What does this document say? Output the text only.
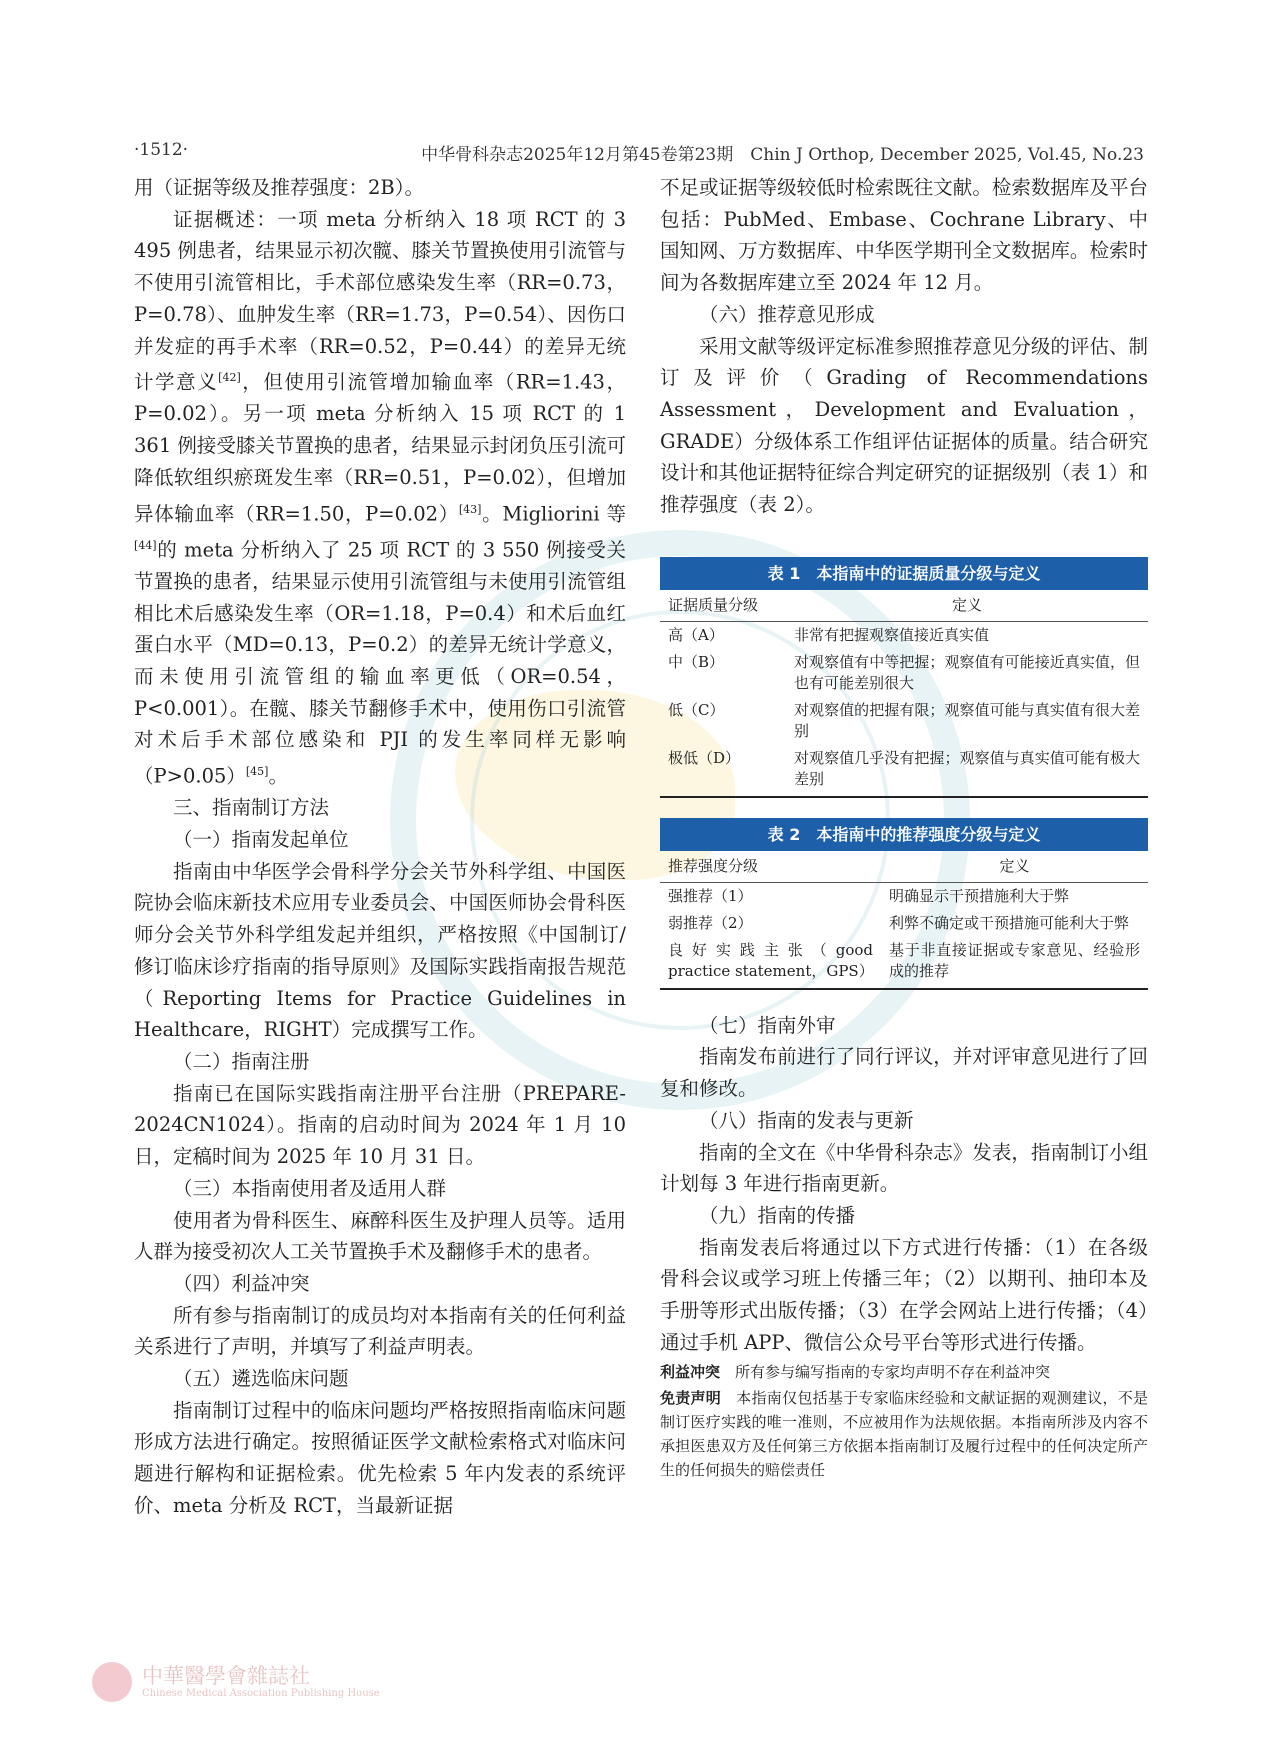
·1512·	中华骨科杂志2025年12月第45卷第23期　Chin J Orthop, December 2025, Vol.45, No.23

用（证据等级及推荐强度：2B）。

证据概述：一项 meta 分析纳入 18 项 RCT 的 3 495 例患者，结果显示初次髋、膝关节置换使用引流管与不使用引流管相比，手术部位感染发生率（RR=0.73，P=0.78）、血肿发生率（RR=1.73，P=0.54）、因伤口并发症的再手术率（RR=0.52，P=0.44）的差异无统计学意义[42]，但使用引流管增加输血率（RR=1.43，P=0.02）。另一项 meta 分析纳入 15 项 RCT 的 1 361 例接受膝关节置换的患者，结果显示封闭负压引流可降低软组织瘀斑发生率（RR=0.51，P=0.02），但增加异体输血率（RR=1.50，P=0.02）[43]。Migliorini 等[44]的 meta 分析纳入了 25 项 RCT 的 3 550 例接受关节置换的患者，结果显示使用引流管组与未使用引流管组相比术后感染发生率（OR=1.18，P=0.4）和术后血红蛋白水平（MD=0.13，P=0.2）的差异无统计学意义，而未使用引流管组的输血率更低（OR=0.54，P<0.001）。在髋、膝关节翻修手术中，使用伤口引流管对术后手术部位感染和 PJI 的发生率同样无影响（P>0.05）[45]。

三、指南制订方法

（一）指南发起单位

指南由中华医学会骨科学分会关节外科学组、中国医院协会临床新技术应用专业委员会、中国医师协会骨科医师分会关节外科学组发起并组织，严格按照《中国制订/修订临床诊疗指南的指导原则》及国际实践指南报告规范（Reporting Items for Practice Guidelines in Healthcare，RIGHT）完成撰写工作。

（二）指南注册

指南已在国际实践指南注册平台注册（PREPARE-2024CN1024）。指南的启动时间为 2024 年 1 月 10 日，定稿时间为 2025 年 10 月 31 日。

（三）本指南使用者及适用人群

使用者为骨科医生、麻醉科医生及护理人员等。适用人群为接受初次人工关节置换手术及翻修手术的患者。

（四）利益冲突

所有参与指南制订的成员均对本指南有关的任何利益关系进行了声明，并填写了利益声明表。

（五）遴选临床问题

指南制订过程中的临床问题均严格按照指南临床问题形成方法进行确定。按照循证医学文献检索格式对临床问题进行解构和证据检索。优先检索 5 年内发表的系统评价、meta 分析及 RCT，当最新证据

不足或证据等级较低时检索既往文献。检索数据库及平台包括：PubMed、Embase、Cochrane Library、中国知网、万方数据库、中华医学期刊全文数据库。检索时间为各数据库建立至 2024 年 12 月。

（六）推荐意见形成

采用文献等级评定标准参照推荐意见分级的评估、制订及评价（Grading of Recommendations Assessment，Development and Evaluation，GRADE）分级体系工作组评估证据体的质量。结合研究设计和其他证据特征综合判定研究的证据级别（表 1）和推荐强度（表 2）。

表 1　本指南中的证据质量分级与定义
证据质量分级	定义
高（A）	非常有把握观察值接近真实值
中（B）	对观察值有中等把握；观察值有可能接近真实值，但也有可能差别很大
低（C）	对观察值的把握有限；观察值可能与真实值有很大差别
极低（D）	对观察值几乎没有把握；观察值与真实值可能有极大差别
表 2　本指南中的推荐强度分级与定义
推荐强度分级	定义
强推荐（1）	明确显示干预措施利大于弊
弱推荐（2）	利弊不确定或干预措施可能利大于弊
良好实践主张（good practice statement，GPS）	基于非直接证据或专家意见、经验形成的推荐

（七）指南外审

指南发布前进行了同行评议，并对评审意见进行了回复和修改。

（八）指南的发表与更新

指南的全文在《中华骨科杂志》发表，指南制订小组计划每 3 年进行指南更新。

（九）指南的传播

指南发表后将通过以下方式进行传播：（1）在各级骨科会议或学习班上传播三年；（2）以期刊、抽印本及手册等形式出版传播；（3）在学会网站上进行传播；（4）通过手机 APP、微信公众号平台等形式进行传播。

利益冲突　 所有参与编写指南的专家均声明不存在利益冲突
免责声明　 本指南仅包括基于专家临床经验和文献证据的观测建议，不是制订医疗实践的唯一准则，不应被用作为法规依据。本指南所涉及内容不承担医患双方及任何第三方依据本指南制订及履行过程中的任何决定所产生的任何损失的赔偿责任
中華醫學會雜誌社
Chinese Medical Association Publishing House
